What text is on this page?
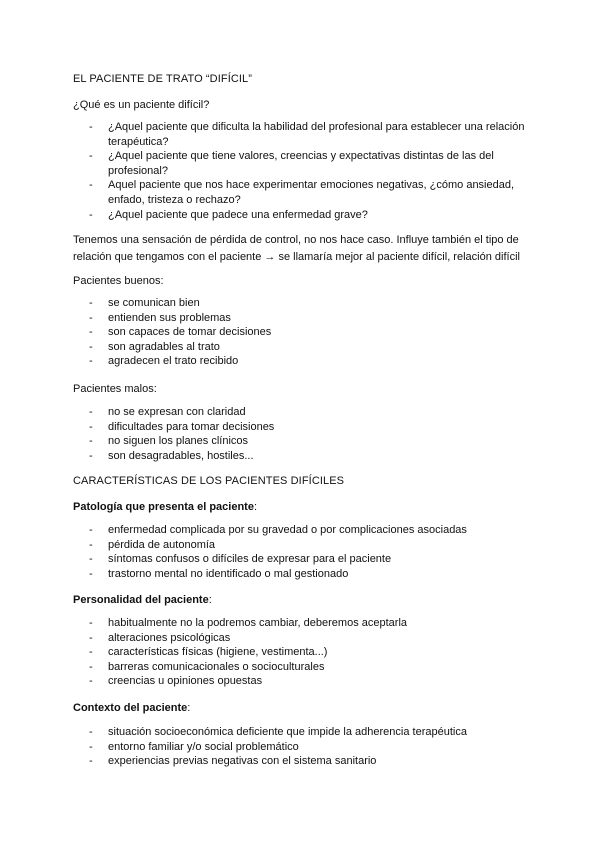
EL PACIENTE DE TRATO “DIFÍCIL”

¿Qué es un paciente difícil?

- ¿Aquel paciente que dificulta la habilidad del profesional para establecer una relación terapéutica?
- ¿Aquel paciente que tiene valores, creencias y expectativas distintas de las del profesional?
- Aquel paciente que nos hace experimentar emociones negativas, ¿cómo ansiedad, enfado, tristeza o rechazo?
- ¿Aquel paciente que padece una enfermedad grave?

Tenemos una sensación de pérdida de control, no nos hace caso. Influye también el tipo de relación que tengamos con el paciente → se llamaría mejor al paciente difícil, relación difícil

Pacientes buenos:

- se comunican bien
- entienden sus problemas
- son capaces de tomar decisiones
- son agradables al trato
- agradecen el trato recibido

Pacientes malos:

- no se expresan con claridad
- dificultades para tomar decisiones
- no siguen los planes clínicos
- son desagradables, hostiles...

CARACTERÍSTICAS DE LOS PACIENTES DIFÍCILES

Patología que presenta el paciente:

- enfermedad complicada por su gravedad o por complicaciones asociadas
- pérdida de autonomía
- síntomas confusos o difíciles de expresar para el paciente
- trastorno mental no identificado o mal gestionado

Personalidad del paciente:

- habitualmente no la podremos cambiar, deberemos aceptarla
- alteraciones psicológicas
- características físicas (higiene, vestimenta...)
- barreras comunicacionales o socioculturales
- creencias u opiniones opuestas

Contexto del paciente:

- situación socioeconómica deficiente que impide la adherencia terapéutica
- entorno familiar y/o social problemático
- experiencias previas negativas con el sistema sanitario
